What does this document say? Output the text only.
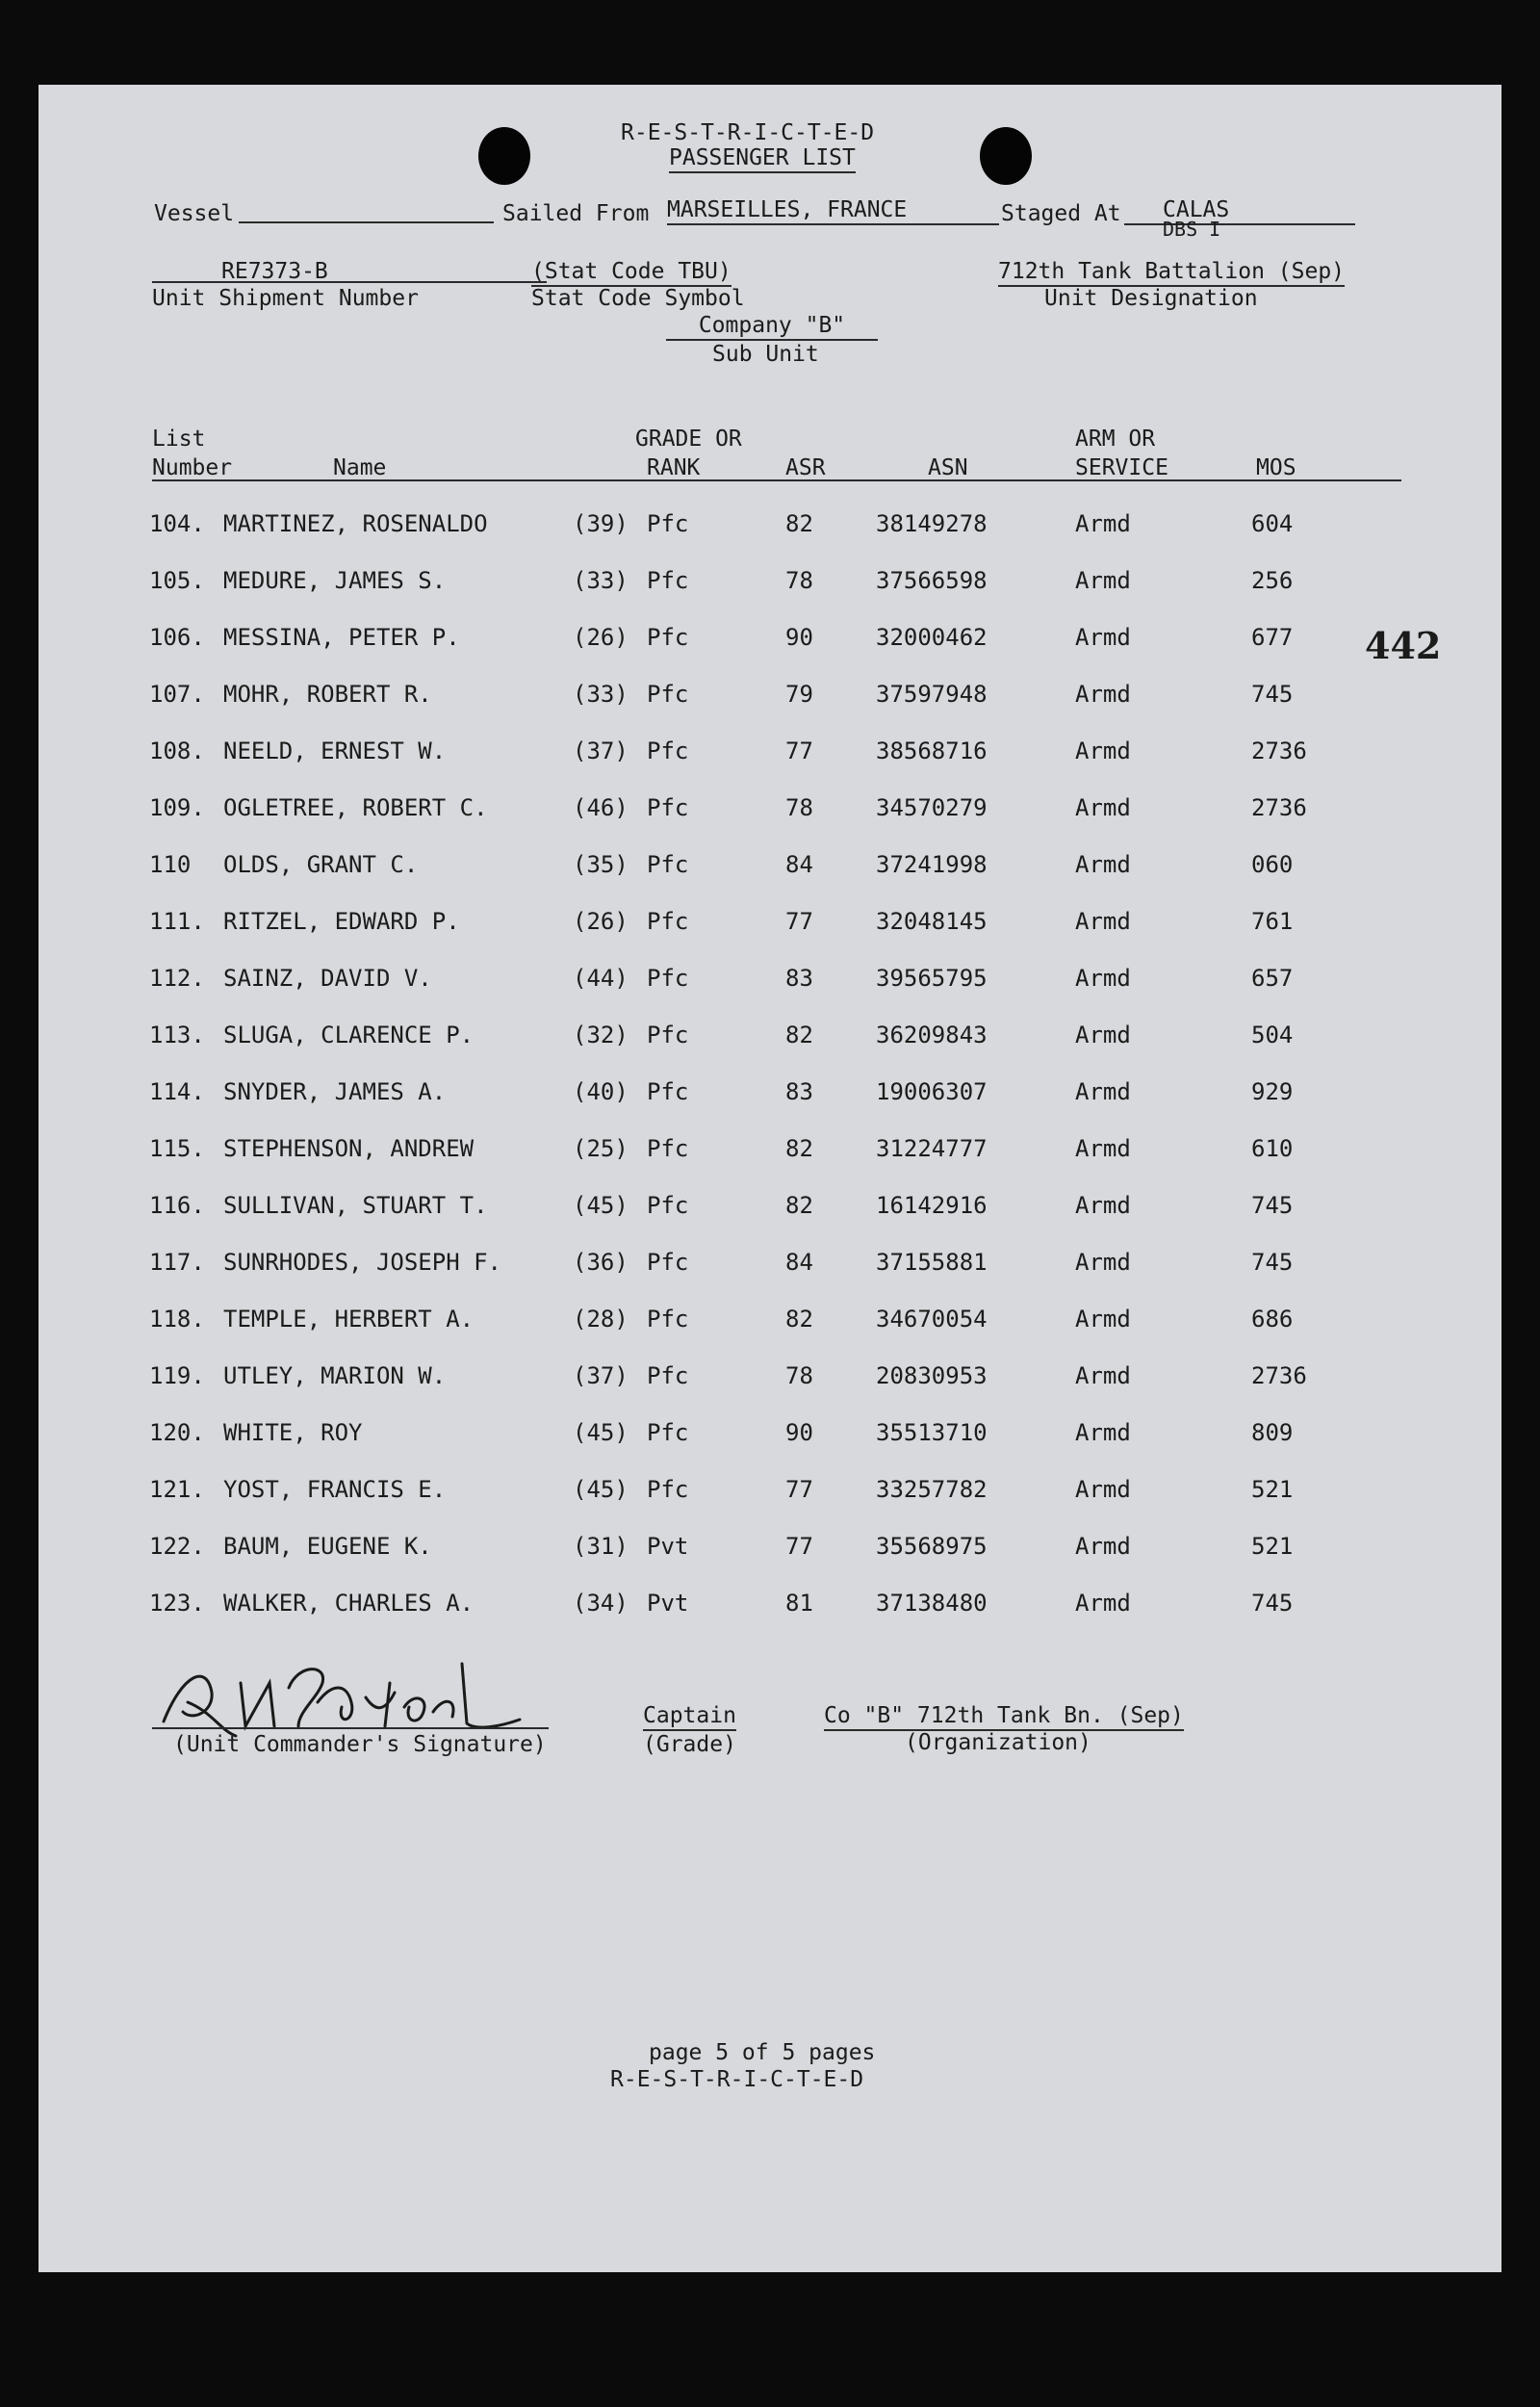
R-E-S-T-R-I-C-T-E-D
PASSENGER LIST
Vessel	Sailed From MARSEILLES, FRANCE	Staged At CALAS
DBS I
RE7373-B
Unit Shipment Number
(Stat Code TBU)
Stat Code Symbol
712th Tank Battalion (Sep)
Unit Designation
Company "B"
Sub Unit
List
Number	Name
GRADE OR
RANK	ASR	ASN
ARM OR
SERVICE	MOS
442
104. MARTINEZ, ROSENALDO	(39) Pfc	82	38149278	Armd	604
105. MEDURE, JAMES S.	(33) Pfc	78	37566598	Armd	256
106. MESSINA, PETER P.	(26) Pfc	90	32000462	Armd	677
107. MOHR, ROBERT R.	(33) Pfc	79	37597948	Armd	745
108. NEELD, ERNEST W.	(37) Pfc	77	38568716	Armd	2736
109. OGLETREE, ROBERT C.	(46) Pfc	78	34570279	Armd	2736
110 OLDS, GRANT C.	(35) Pfc	84	37241998	Armd	060
111. RITZEL, EDWARD P.	(26) Pfc	77	32048145	Armd	761
112. SAINZ, DAVID V.	(44) Pfc	83	39565795	Armd	657
113. SLUGA, CLARENCE P.	(32) Pfc	82	36209843	Armd	504
114. SNYDER, JAMES A.	(40) Pfc	83	19006307	Armd	929
115. STEPHENSON, ANDREW	(25) Pfc	82	31224777	Armd	610
116. SULLIVAN, STUART T.	(45) Pfc	82	16142916	Armd	745
117. SUNRHODES, JOSEPH F.	(36) Pfc	84	37155881	Armd	745
118. TEMPLE, HERBERT A.	(28) Pfc	82	34670054	Armd	686
119. UTLEY, MARION W.	(37) Pfc	78	20830953	Armd	2736
120. WHITE, ROY	(45) Pfc	90	35513710	Armd	809
121. YOST, FRANCIS E.	(45) Pfc	77	33257782	Armd	521
122. BAUM, EUGENE K.	(31) Pvt	77	35568975	Armd	521
123. WALKER, CHARLES A.	(34) Pvt	81	37138480	Armd	745
(Unit Commander's Signature)
Captain
(Grade)
Co "B" 712th Tank Bn. (Sep)
(Organization)
page 5 of 5 pages
R-E-S-T-R-I-C-T-E-D
